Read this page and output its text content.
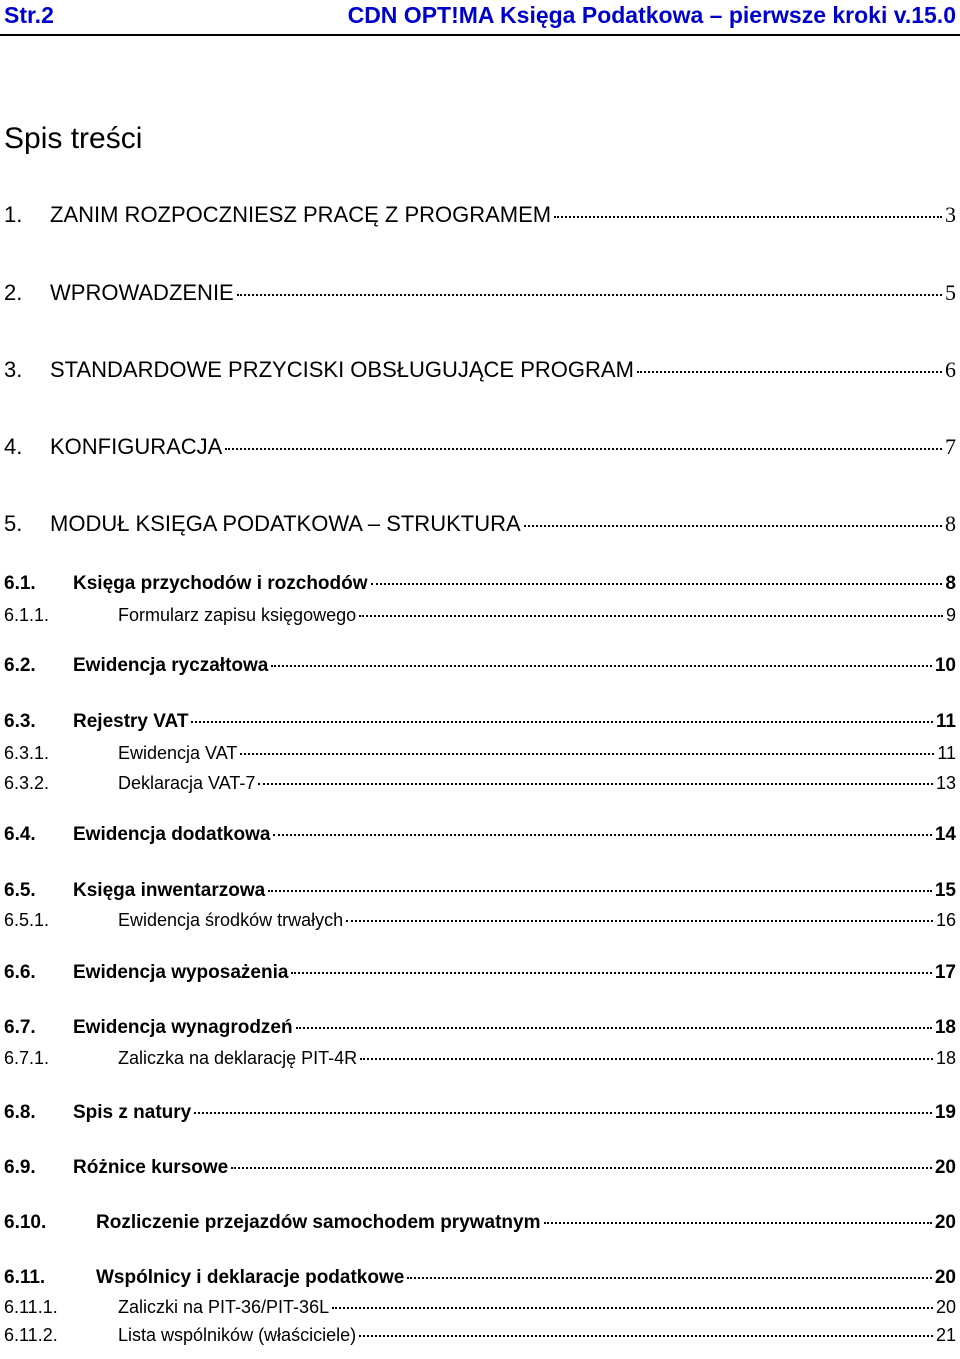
Str.2	CDN OPT!MA Księga Podatkowa – pierwsze kroki v.15.0
Spis treści
1.	ZANIM ROZPOCZNIESZ PRACĘ Z PROGRAMEM	3
2.	WPROWADZENIE	5
3.	STANDARDOWE PRZYCISKI OBSŁUGUJĄCE PROGRAM	6
4.	KONFIGURACJA	7
5.	MODUŁ KSIĘGA PODATKOWA – STRUKTURA	8
6.1.	Księga przychodów i rozchodów	8
6.1.1.	Formularz zapisu księgowego	9
6.2.	Ewidencja ryczałtowa	10
6.3.	Rejestry VAT	11
6.3.1.	Ewidencja VAT	11
6.3.2.	Deklaracja VAT-7	13
6.4.	Ewidencja dodatkowa	14
6.5.	Księga inwentarzowa	15
6.5.1.	Ewidencja środków trwałych	16
6.6.	Ewidencja wyposażenia	17
6.7.	Ewidencja wynagrodzeń	18
6.7.1.	Zaliczka na deklarację PIT-4R	18
6.8.	Spis z natury	19
6.9.	Różnice kursowe	20
6.10.	Rozliczenie przejazdów samochodem prywatnym	20
6.11.	Wspólnicy i deklaracje podatkowe	20
6.11.1.	Zaliczki na PIT-36/PIT-36L	20
6.11.2.	Lista wspólników (właściciele)	21
